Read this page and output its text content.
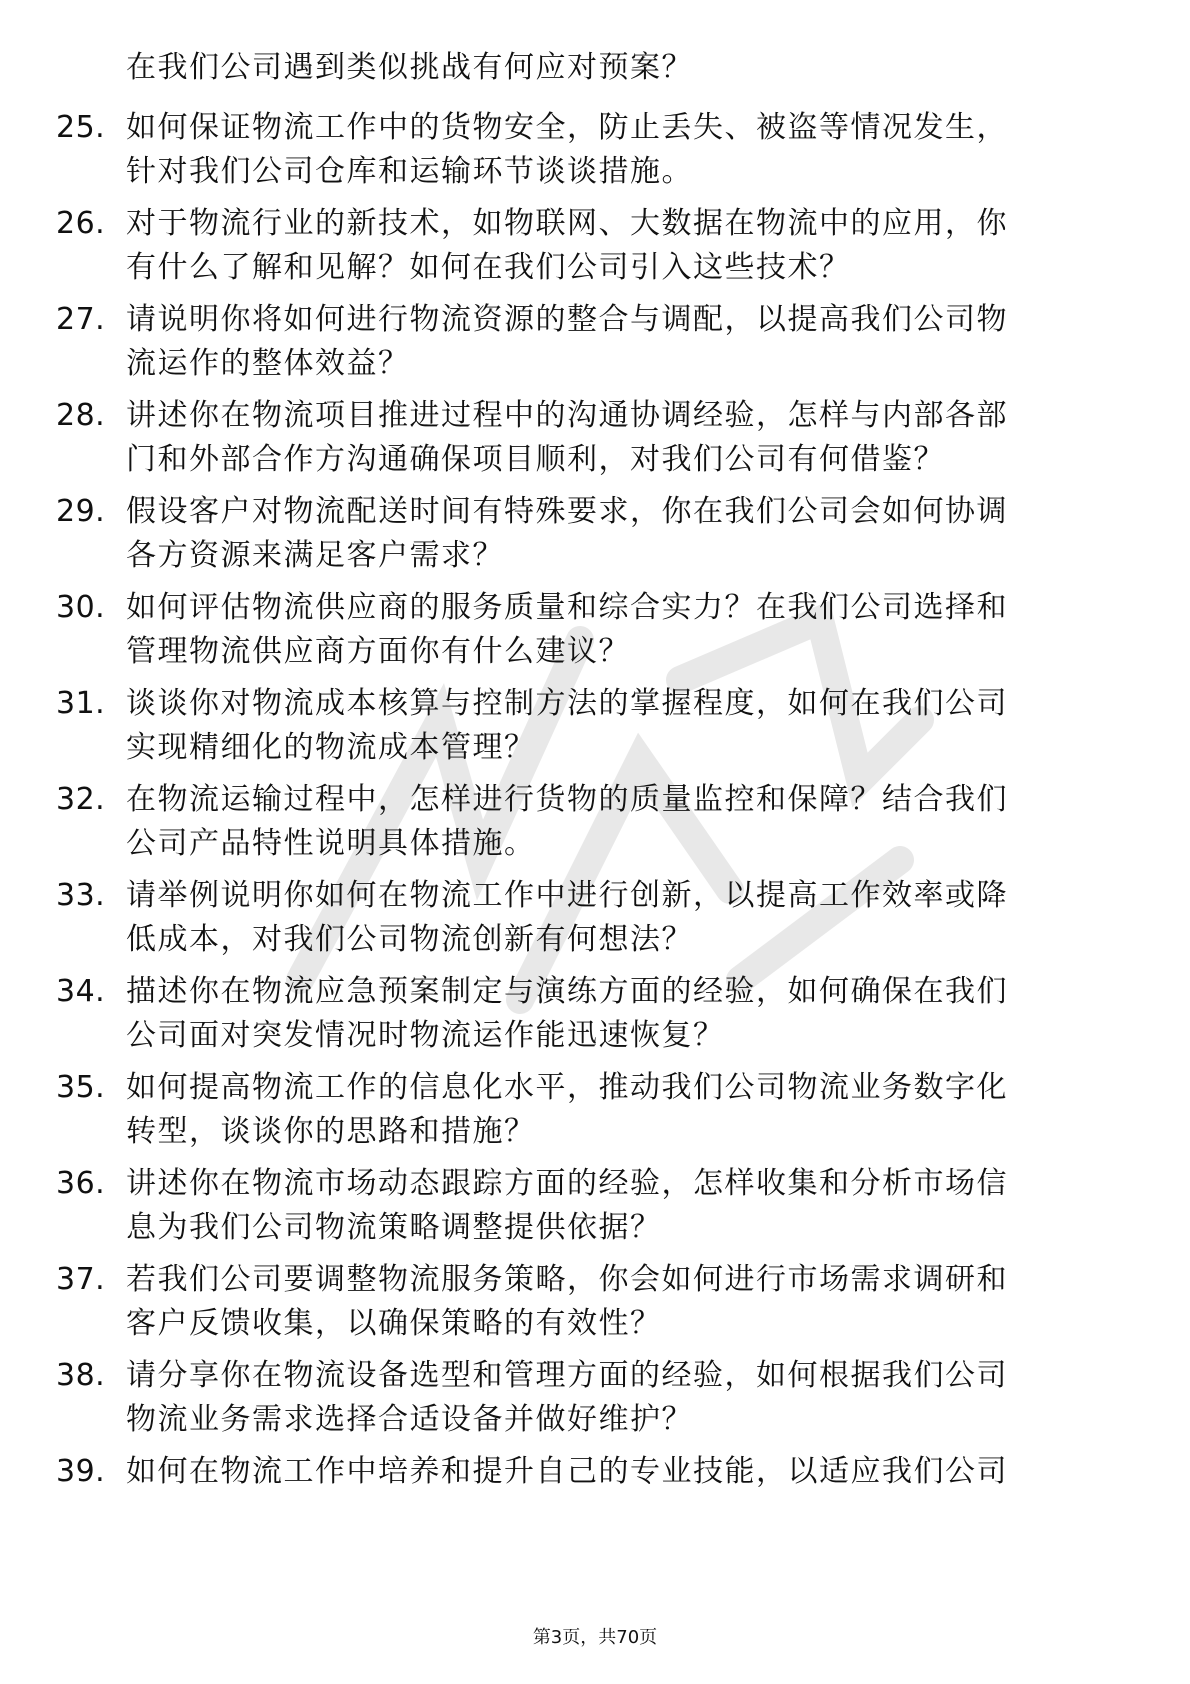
在我们公司遇到类似挑战有何应对预案？
25. 如何保证物流工作中的货物安全，防止丢失、被盗等情况发生，
针对我们公司仓库和运输环节谈谈措施。
26. 对于物流行业的新技术，如物联网、大数据在物流中的应用，你
有什么了解和见解？如何在我们公司引入这些技术？
27. 请说明你将如何进行物流资源的整合与调配，以提高我们公司物
流运作的整体效益？
28. 讲述你在物流项目推进过程中的沟通协调经验，怎样与内部各部
门和外部合作方沟通确保项目顺利，对我们公司有何借鉴？
29. 假设客户对物流配送时间有特殊要求，你在我们公司会如何协调
各方资源来满足客户需求？
30. 如何评估物流供应商的服务质量和综合实力？在我们公司选择和
管理物流供应商方面你有什么建议？
31. 谈谈你对物流成本核算与控制方法的掌握程度，如何在我们公司
实现精细化的物流成本管理？
32. 在物流运输过程中，怎样进行货物的质量监控和保障？结合我们
公司产品特性说明具体措施。
33. 请举例说明你如何在物流工作中进行创新，以提高工作效率或降
低成本，对我们公司物流创新有何想法？
34. 描述你在物流应急预案制定与演练方面的经验，如何确保在我们
公司面对突发情况时物流运作能迅速恢复？
35. 如何提高物流工作的信息化水平，推动我们公司物流业务数字化
转型，谈谈你的思路和措施？
36. 讲述你在物流市场动态跟踪方面的经验，怎样收集和分析市场信
息为我们公司物流策略调整提供依据？
37. 若我们公司要调整物流服务策略，你会如何进行市场需求调研和
客户反馈收集，以确保策略的有效性？
38. 请分享你在物流设备选型和管理方面的经验，如何根据我们公司
物流业务需求选择合适设备并做好维护？
39. 如何在物流工作中培养和提升自己的专业技能，以适应我们公司
第3页，共70页
